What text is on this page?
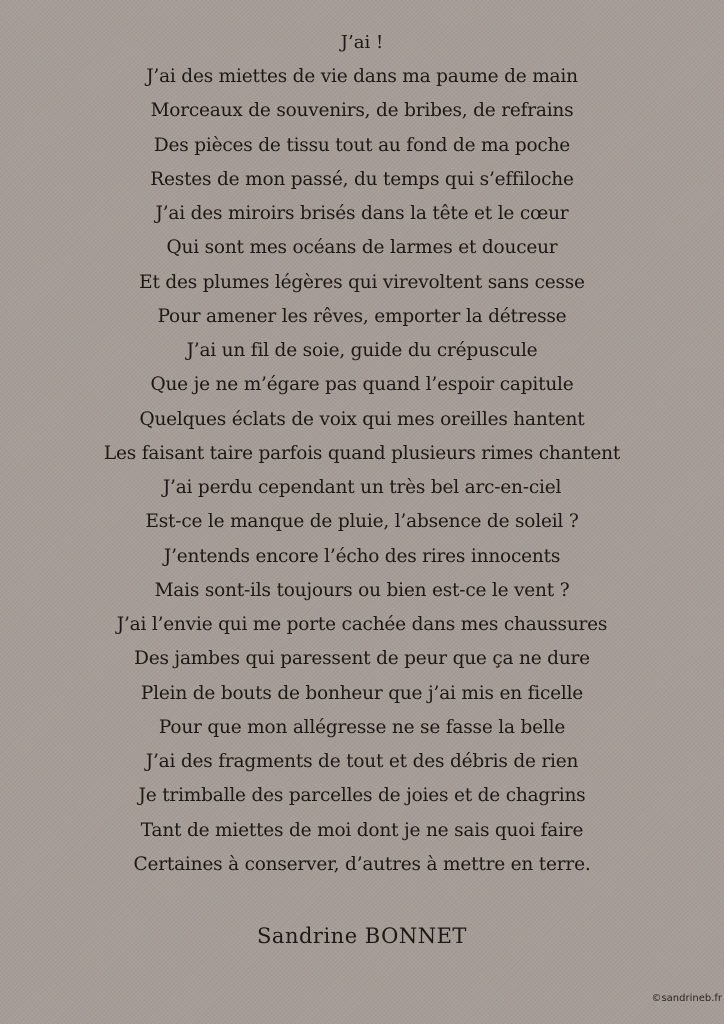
J’ai !
J’ai des miettes de vie dans ma paume de main
Morceaux de souvenirs, de bribes, de refrains
Des pièces de tissu tout au fond de ma poche
Restes de mon passé, du temps qui s’effiloche
J’ai des miroirs brisés dans la tête et le cœur
Qui sont mes océans de larmes et douceur
Et des plumes légères qui virevoltent sans cesse
Pour amener les rêves, emporter la détresse
J’ai un fil de soie, guide du crépuscule
Que je ne m’égare pas quand l’espoir capitule
Quelques éclats de voix qui mes oreilles hantent
Les faisant taire parfois quand plusieurs rimes chantent
J’ai perdu cependant un très bel arc-en-ciel
Est-ce le manque de pluie, l’absence de soleil ?
J’entends encore l’écho des rires innocents
Mais sont-ils toujours ou bien est-ce le vent ?
J’ai l’envie qui me porte cachée dans mes chaussures
Des jambes qui paressent de peur que ça ne dure
Plein de bouts de bonheur que j’ai mis en ficelle
Pour que mon allégresse ne se fasse la belle
J’ai des fragments de tout et des débris de rien
Je trimballe des parcelles de joies et de chagrins
Tant de miettes de moi dont je ne sais quoi faire
Certaines à conserver, d’autres à mettre en terre.
Sandrine BONNET
©sandrineb.fr
